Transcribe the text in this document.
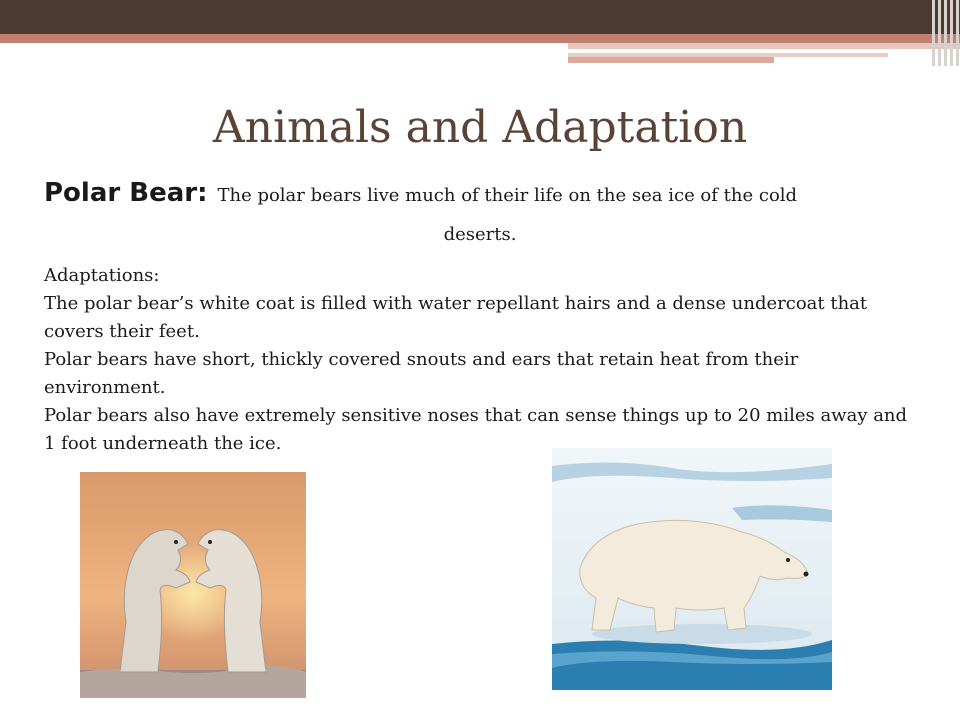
Animals and Adaptation
Polar Bear: The polar bears live much of their life on the sea ice of the cold
deserts.

Adaptations:

The polar bear’s white coat is filled with water repellant hairs and a dense undercoat that covers their feet.

Polar bears have short, thickly covered snouts and ears that retain heat from their environment.

Polar bears also have extremely sensitive noses that can sense things up to 20 miles away and 1 foot underneath the ice.
